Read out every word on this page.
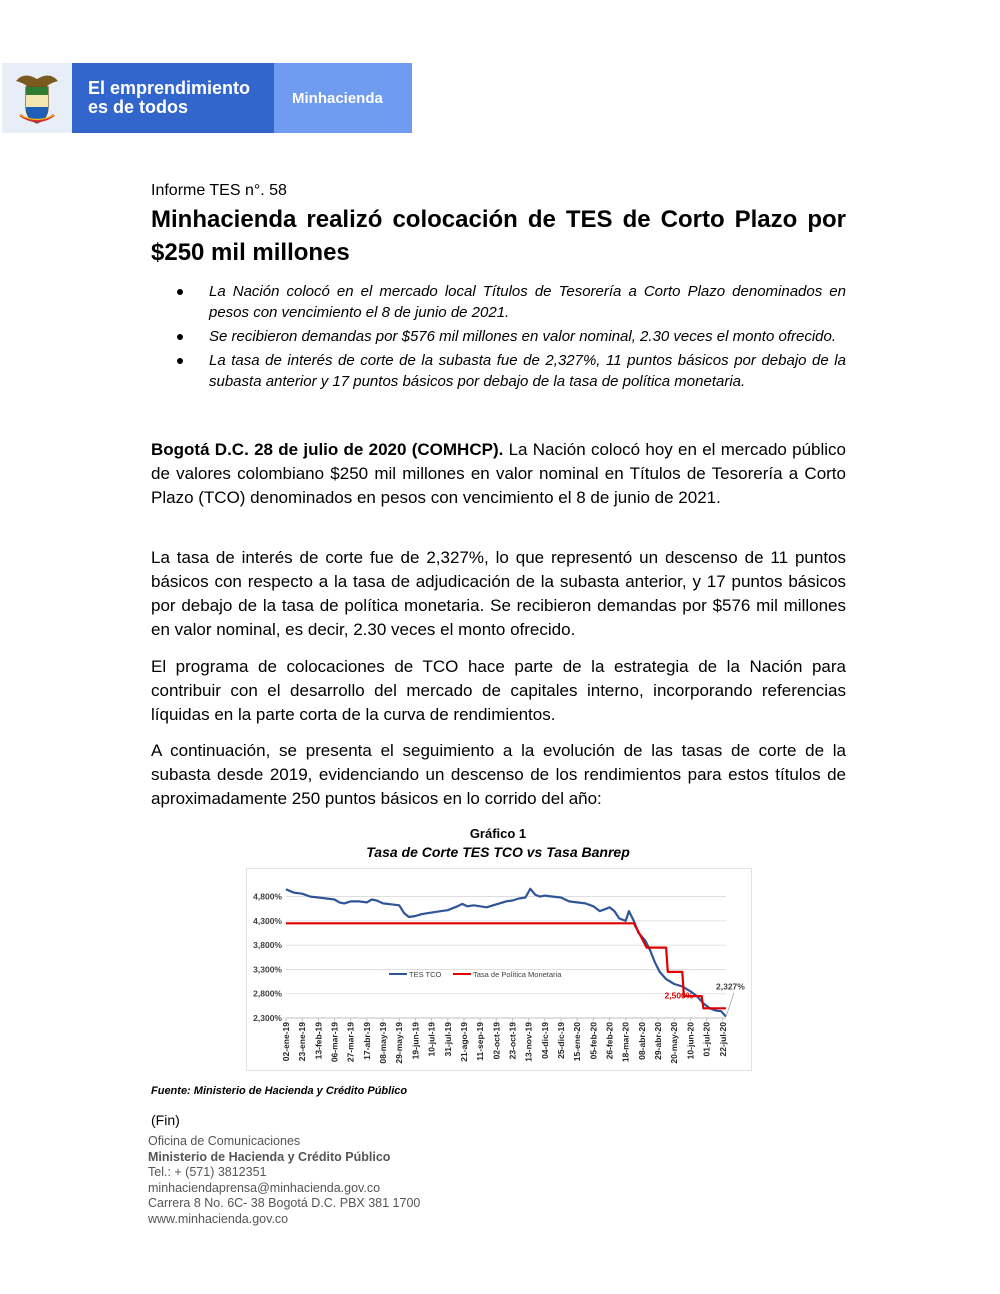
El emprendimiento
es de todos	Minhacienda
Informe TES n°. 58
Minhacienda realizó colocación de TES de Corto Plazo por $250 mil millones
La Nación colocó en el mercado local Títulos de Tesorería a Corto Plazo denominados en pesos con vencimiento el 8 de junio de 2021.
Se recibieron demandas por $576 mil millones en valor nominal, 2.30 veces el monto ofrecido.
La tasa de interés de corte de la subasta fue de 2,327%, 11 puntos básicos por debajo de la subasta anterior y 17 puntos básicos por debajo de la tasa de política monetaria.
Bogotá D.C. 28 de julio de 2020 (COMHCP). La Nación colocó hoy en el mercado público de valores colombiano $250 mil millones en valor nominal en Títulos de Tesorería a Corto Plazo (TCO) denominados en pesos con vencimiento el 8 de junio de 2021.
La tasa de interés de corte fue de 2,327%, lo que representó un descenso de 11 puntos básicos con respecto a la tasa de adjudicación de la subasta anterior, y 17 puntos básicos por debajo de la tasa de política monetaria. Se recibieron demandas por $576 mil millones en valor nominal, es decir, 2.30 veces el monto ofrecido.
El programa de colocaciones de TCO hace parte de la estrategia de la Nación para contribuir con el desarrollo del mercado de capitales interno, incorporando referencias líquidas en la parte corta de la curva de rendimientos.
A continuación, se presenta el seguimiento a la evolución de las tasas de corte de la subasta desde 2019, evidenciando un descenso de los rendimientos para estos títulos de aproximadamente 250 puntos básicos en lo corrido del año:
Gráfico 1
Tasa de Corte TES TCO vs Tasa Banrep
2,300%
2,800%
3,300%
3,800%
4,300%
4,800%
02-ene-19 23-ene-19 13-feb-19 06-mar-19 27-mar-19 17-abr-19 08-may-19 29-may-19 19-jun-19 10-jul-19 31-jul-19 21-ago-19 11-sep-19 02-oct-19 23-oct-19 13-nov-19 04-dic-19 25-dic-19 15-ene-20 05-feb-20 26-feb-20 18-mar-20 08-abr-20 29-abr-20 20-may-20 10-jun-20 01-jul-20 22-jul-20
TES TCO	Tasa de Política Monetaria
2,327%
2,500%
Fuente: Ministerio de Hacienda y Crédito Público
(Fin)
Oficina de Comunicaciones
Ministerio de Hacienda y Crédito Público
Tel.: + (571) 3812351
minhaciendaprensa@minhacienda.gov.co
Carrera 8 No. 6C- 38 Bogotá D.C. PBX 381 1700
www.minhacienda.gov.co
